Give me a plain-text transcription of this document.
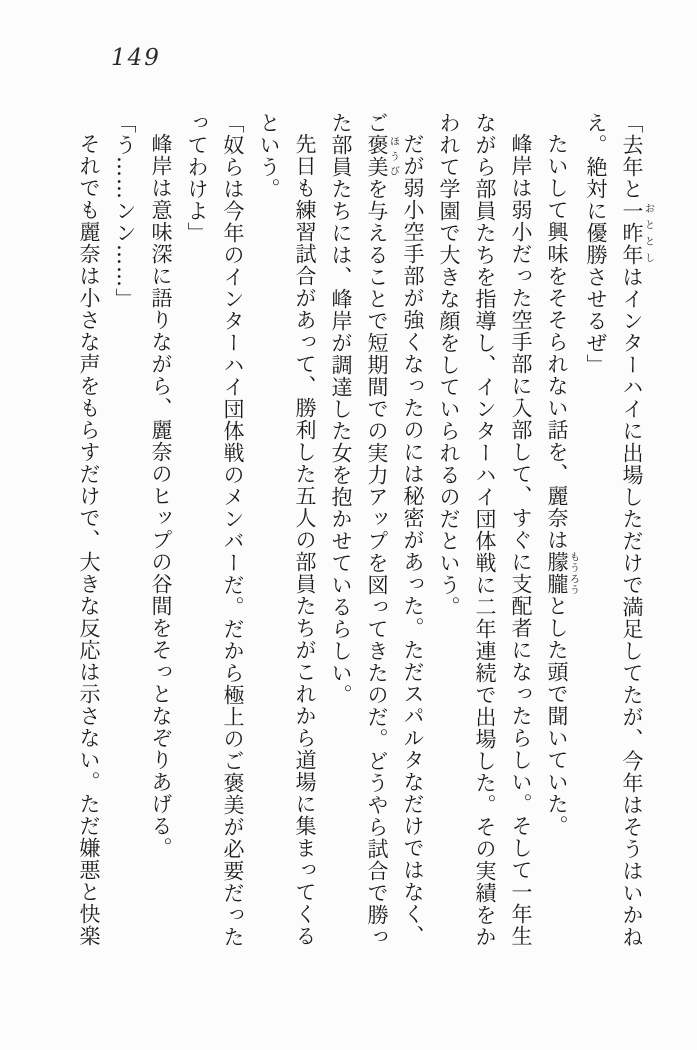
149

「去年と一昨年おととしはインターハイに出場しただけで満足してたが、今年はそうはいかねえ。絶対に優勝させるぜ」

たいして興味をそそられない話を、麗奈は朦朧もうろうとした頭で聞いていた。

峰岸は弱小だった空手部に入部して、すぐに支配者になったらしい。そして一年生ながら部員たちを指導し、インターハイ団体戦に二年連続で出場した。その実績をかわれて学園で大きな顔をしていられるのだという。

だが弱小空手部が強くなったのには秘密があった。ただスパルタなだけではなく、ご褒美ほうびを与えることで短期間での実力アップを図ってきたのだ。どうやら試合で勝った部員たちには、峰岸が調達した女を抱かせているらしい。

先日も練習試合があって、勝利した五人の部員たちがこれから道場に集まってくるという。

「奴らは今年のインターハイ団体戦のメンバーだ。だから極上のご褒美が必要だったってわけよ」

峰岸は意味深に語りながら、麗奈のヒップの谷間をそっとなぞりあげる。

「う……ンン……」

それでも麗奈は小さな声をもらすだけで、大きな反応は示さない。ただ嫌悪と快楽
